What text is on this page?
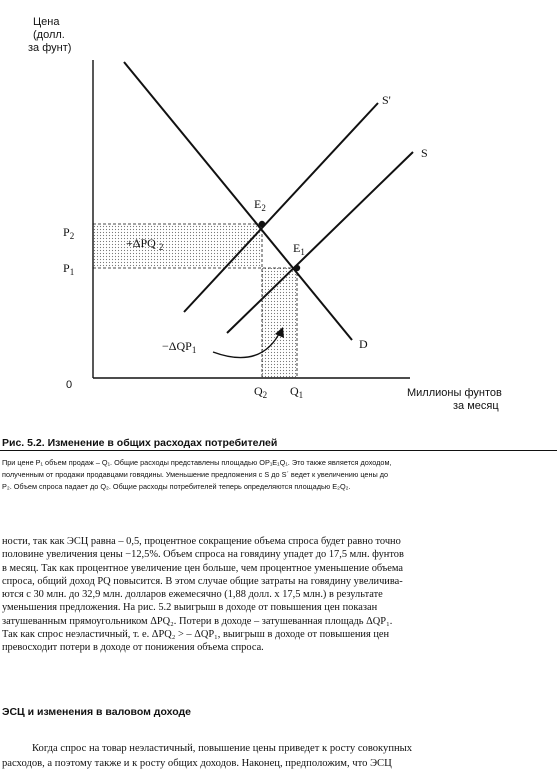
Цена
(долл.
за фунт)
Миллионы фунтов
за месяц
0
$P_2$
$P_1$
$Q_2$ $Q_1$
$E_2$
$E_1$
S'
S
D
+ΔPQ $_2$
$-\Delta QP_1$
Рис. 5.2. Изменение в общих расходах потребителей
При цене P₁ объем продаж – Q₁. Общие расходы представлены площадью OP₁E₁Q₁. Это также является доходом,
полученным от продажи продавцами говядины. Уменьшение предложения с S до S´ ведет к увеличению цены до
P₂. Объем спроса падает до Q₂. Общие расходы потребителей теперь определяются площадью E₂Q₂.
ности, так как ЭСЦ равна – 0,5, процентное сокращение объема спроса будет равно точно
половине увеличения цены −12,5%. Объем спроса на говядину упадет до 17,5 млн. фунтов
в месяц. Так как процентное увеличение цен больше, чем процентное уменьшение объема
спроса, общий доход PQ повысится. В этом случае общие затраты на говядину увеличива-
ются с 30 млн. до 32,9 млн. долларов ежемесячно (1,88 долл. х 17,5 млн.) в результате
уменьшения предложения. На рис. 5.2 выигрыш в доходе от повышения цен показан
затушеванным прямоугольником ΔPQ₂. Потери в доходе – затушеванная площадь ΔQP₁.
Так как спрос неэластичный, т. е. ΔPQ₂ > – ΔQP₁, выигрыш в доходе от повышения цен
превосходит потери в доходе от понижения объема спроса.
ЭСЦ и изменения в валовом доходе
Когда спрос на товар неэластичный, повышение цены приведет к росту совокупных
расходов, а поэтому также и к росту общих доходов. Наконец, предположим, что ЭСЦ
